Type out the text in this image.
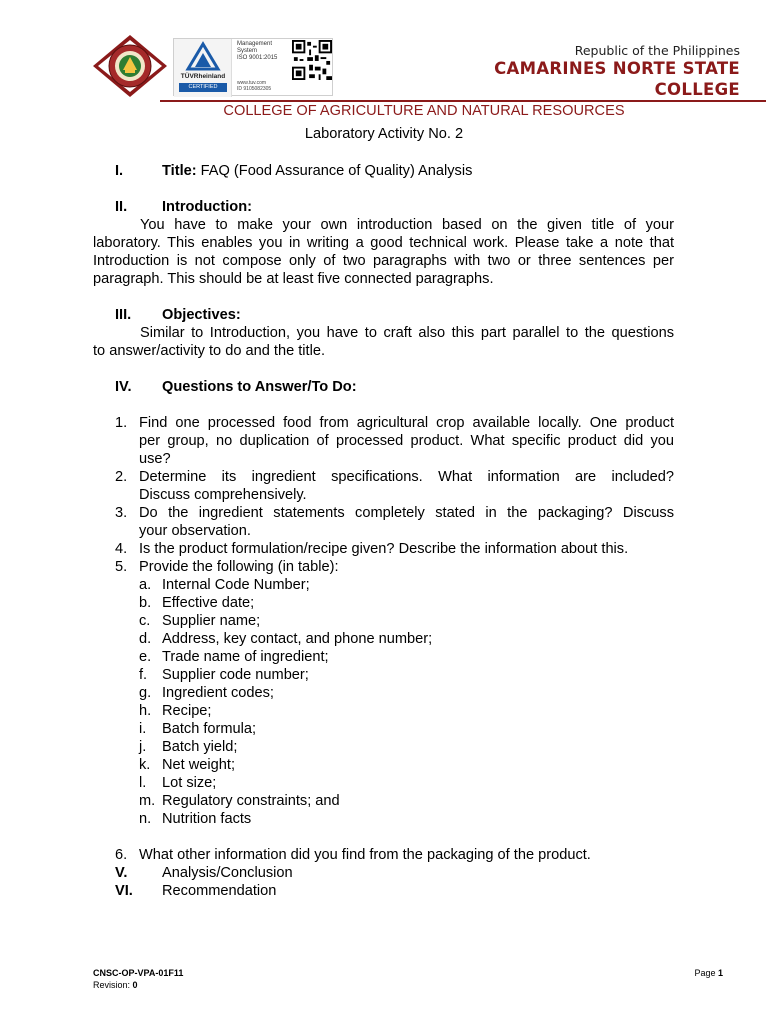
TÜVRheinland
CERTIFIED
Management
System
ISO 9001:2015
www.tuv.com
ID 9105082305
Republic of the Philippines
CAMARINES NORTE STATE
COLLEGE
COLLEGE OF AGRICULTURE AND NATURAL RESOURCES
Laboratory Activity No. 2
I.	Title: FAQ (Food Assurance of Quality) Analysis
II. Introduction:
You have to make your own introduction based on the given title of your
laboratory. This enables you in writing a good technical work. Please take a note that
Introduction is not compose only of two paragraphs with two or three sentences per
paragraph. This should be at least five connected paragraphs.
III. Objectives:
Similar to Introduction, you have to craft also this part parallel to the questions
to answer/activity to do and the title.
IV. Questions to Answer/To Do:
1. Find one processed food from agricultural crop available locally. One product
per group, no duplication of processed product. What specific product did you
use?
2. Determine its ingredient specifications. What information are included?
Discuss comprehensively.
3. Do the ingredient statements completely stated in the packaging? Discuss
your observation.
4. Is the product formulation/recipe given? Describe the information about this.
5. Provide the following (in table):
a. Internal Code Number;
b. Effective date;
c. Supplier name;
d. Address, key contact, and phone number;
e. Trade name of ingredient;
f. Supplier code number;
g. Ingredient codes;
h. Recipe;
i. Batch formula;
j. Batch yield;
k. Net weight;
l. Lot size;
m. Regulatory constraints; and
n. Nutrition facts
6. What other information did you find from the packaging of the product.
V. Analysis/Conclusion
VI. Recommendation
CNSC-OP-VPA-01F11
Revision: 0
Page 1
